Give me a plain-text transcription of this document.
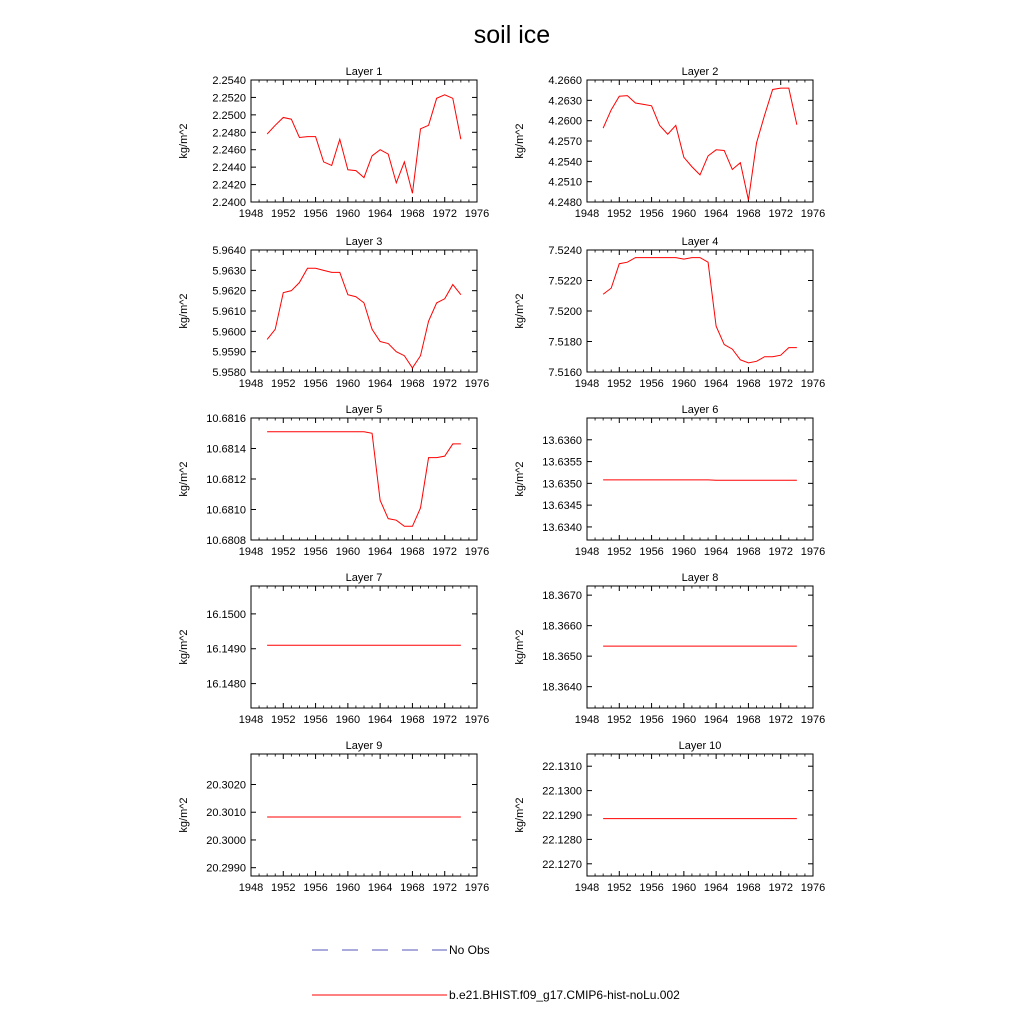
soil ice
Layer 1
1948 1952 1956 1960 1964 1968 1972 1976
2.2400
2.2420
2.2440
2.2460
2.2480
2.2500
2.2520
2.2540
kg/m^2
Layer 2
1948 1952 1956 1960 1964 1968 1972 1976
4.2480
4.2510
4.2540
4.2570
4.2600
4.2630
4.2660
kg/m^2
Layer 3
1948 1952 1956 1960 1964 1968 1972 1976
5.9580
5.9590
5.9600
5.9610
5.9620
5.9630
5.9640
kg/m^2
Layer 4
1948 1952 1956 1960 1964 1968 1972 1976
7.5160
7.5180
7.5200
7.5220
7.5240
kg/m^2
Layer 5
1948 1952 1956 1960 1964 1968 1972 1976
10.6808
10.6810
10.6812
10.6814
10.6816
kg/m^2
Layer 6
1948 1952 1956 1960 1964 1968 1972 1976
13.6340
13.6345
13.6350
13.6355
13.6360
kg/m^2
Layer 7
1948 1952 1956 1960 1964 1968 1972 1976
16.1480
16.1490
16.1500
kg/m^2
Layer 8
1948 1952 1956 1960 1964 1968 1972 1976
18.3640
18.3650
18.3660
18.3670
kg/m^2
Layer 9
1948 1952 1956 1960 1964 1968 1972 1976
20.2990
20.3000
20.3010
20.3020
kg/m^2
Layer 10
1948 1952 1956 1960 1964 1968 1972 1976
22.1270
22.1280
22.1290
22.1300
22.1310
kg/m^2
No Obs
b.e21.BHIST.f09_g17.CMIP6-hist-noLu.002
